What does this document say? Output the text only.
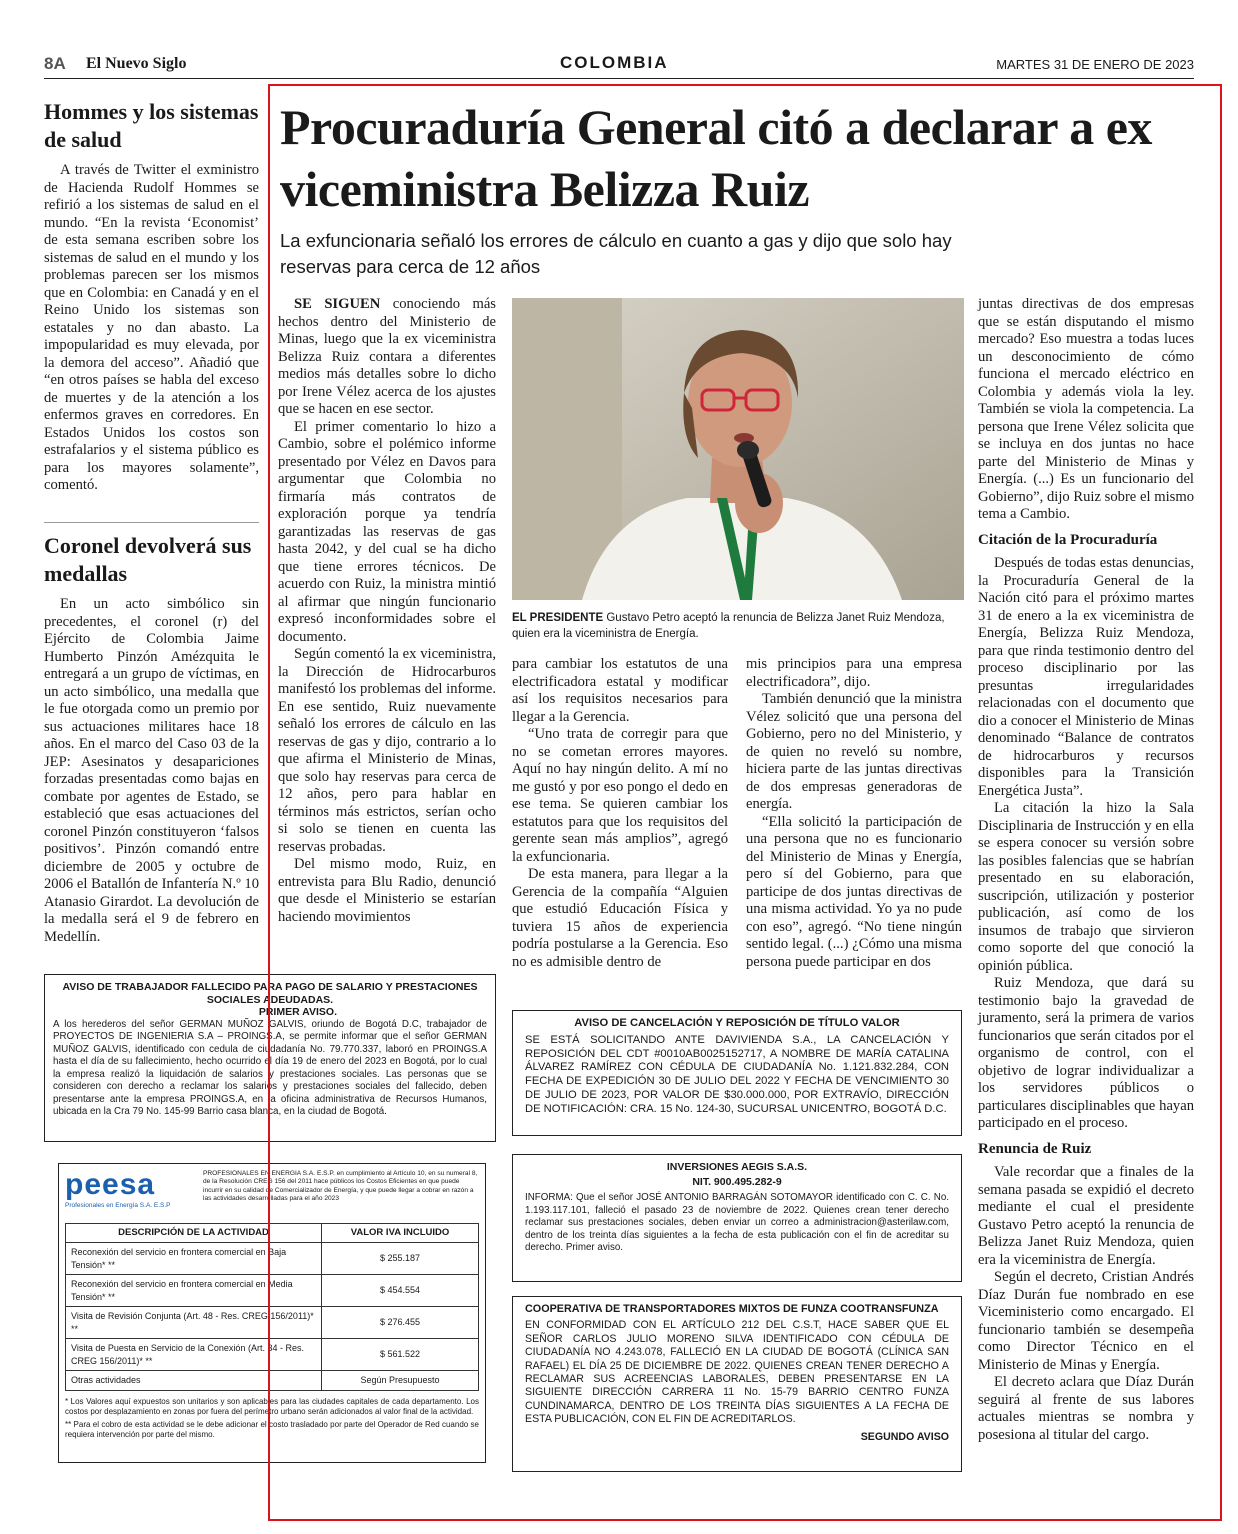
8A El Nuevo Siglo	COLOMBIA	MARTES 31 DE ENERO DE 2023
Hommes y los sistemas de salud

A través de Twitter el exministro de Hacienda Rudolf Hommes se refirió a los sistemas de salud en el mundo. “En la revista ‘Economist’ de esta semana escriben sobre los sistemas de salud en el mundo y los problemas parecen ser los mismos que en Colombia: en Canadá y en el Reino Unido los sistemas son estatales y no dan abasto. La impopularidad es muy elevada, por la demora del acceso”. Añadió que “en otros países se habla del exceso de muertes y de la atención a los enfermos graves en corredores. En Estados Unidos los costos son estrafalarios y el sistema público es para los mayores solamente”, comentó.

Coronel devolverá sus medallas

En un acto simbólico sin precedentes, el coronel (r) del Ejército de Colombia Jaime Humberto Pinzón Amézquita le entregará a un grupo de víctimas, en un acto simbólico, una medalla que le fue otorgada como un premio por sus actuaciones militares hace 18 años. En el marco del Caso 03 de la JEP: Asesinatos y desapariciones forzadas presentadas como bajas en combate por agentes de Estado, se estableció que esas actuaciones del coronel Pinzón constituyeron ‘falsos positivos’. Pinzón comandó entre diciembre de 2005 y octubre de 2006 el Batallón de Infantería N.º 10 Atanasio Girardot. La devolución de la medalla será el 9 de febrero en Medellín.

Procuraduría General citó a declarar a ex viceministra Belizza Ruiz
La exfuncionaria señaló los errores de cálculo en cuanto a gas y dijo que solo hay reservas para cerca de 12 años

SE SIGUEN conociendo más hechos dentro del Ministerio de Minas, luego que la ex viceministra Belizza Ruiz contara a diferentes medios más detalles sobre lo dicho por Irene Vélez acerca de los ajustes que se hacen en ese sector.

El primer comentario lo hizo a Cambio, sobre el polémico informe presentado por Vélez en Davos para argumentar que Colombia no firmaría más contratos de exploración porque ya tendría garantizadas las reservas de gas hasta 2042, y del cual se ha dicho que tiene errores técnicos. De acuerdo con Ruiz, la ministra mintió al afirmar que ningún funcionario expresó inconformidades sobre el documento.

Según comentó la ex viceministra, la Dirección de Hidrocarburos manifestó los problemas del informe. En ese sentido, Ruiz nuevamente señaló los errores de cálculo en las reservas de gas y dijo, contrario a lo que afirma el Ministerio de Minas, que solo hay reservas para cerca de 12 años, pero para hablar en términos más estrictos, serían ocho si solo se tienen en cuenta las reservas probadas.

Del mismo modo, Ruiz, en entrevista para Blu Radio, denunció que desde el Ministerio se estarían haciendo movimientos

EL PRESIDENTE Gustavo Petro aceptó la renuncia de Belizza Janet Ruiz Mendoza, quien era la viceministra de Energía.

para cambiar los estatutos de una electrificadora estatal y modificar así los requisitos necesarios para llegar a la Gerencia.

“Uno trata de corregir para que no se cometan errores mayores. Aquí no hay ningún delito. A mí no me gustó y por eso pongo el dedo en ese tema. Se quieren cambiar los estatutos para que los requisitos del gerente sean más amplios”, agregó la exfuncionaria.

De esta manera, para llegar a la Gerencia de la compañía “Alguien que estudió Educación Física y tuviera 15 años de experiencia podría postularse a la Gerencia. Eso no es admisible dentro de

mis principios para una empresa electrificadora”, dijo.

También denunció que la ministra Vélez solicitó que una persona del Gobierno, pero no del Ministerio, y de quien no reveló su nombre, hiciera parte de las juntas directivas de dos empresas generadoras de energía.

“Ella solicitó la participación de una persona que no es funcionario del Ministerio de Minas y Energía, pero sí del Gobierno, para que participe de dos juntas directivas de una misma actividad. Yo ya no pude con eso”, agregó. “No tiene ningún sentido legal. (...) ¿Cómo una misma persona puede participar en dos

juntas directivas de dos empresas que se están disputando el mismo mercado? Eso muestra a todas luces un desconocimiento de cómo funciona el mercado eléctrico en Colombia y además viola la ley. También se viola la competencia. La persona que Irene Vélez solicita que se incluya en dos juntas no hace parte del Ministerio de Minas y Energía. (...) Es un funcionario del Gobierno”, dijo Ruiz sobre el mismo tema a Cambio.

Citación de la Procuraduría

Después de todas estas denuncias, la Procuraduría General de la Nación citó para el próximo martes 31 de enero a la ex viceministra de Energía, Belizza Ruiz Mendoza, para que rinda testimonio dentro del proceso disciplinario por las presuntas irregularidades relacionadas con el documento que dio a conocer el Ministerio de Minas denominado “Balance de contratos de hidrocarburos y recursos disponibles para la Transición Energética Justa”.

La citación la hizo la Sala Disciplinaria de Instrucción y en ella se espera conocer su versión sobre las posibles falencias que se habrían presentado en su elaboración, suscripción, utilización y posterior publicación, así como de los insumos de trabajo que sirvieron como soporte del que conoció la opinión pública.

Ruiz Mendoza, que dará su testimonio bajo la gravedad de juramento, será la primera de varios funcionarios que serán citados por el organismo de control, con el objetivo de lograr individualizar a los servidores públicos o particulares disciplinables que hayan participado en el proceso.

Renuncia de Ruiz

Vale recordar que a finales de la semana pasada se expidió el decreto mediante el cual el presidente Gustavo Petro aceptó la renuncia de Belizza Janet Ruiz Mendoza, quien era la viceministra de Energía.

Según el decreto, Cristian Andrés Díaz Durán fue nombrado en ese Viceministerio como encargado. El funcionario también se desempeña como Director Técnico en el Ministerio de Minas y Energía.

El decreto aclara que Díaz Durán seguirá al frente de sus labores actuales mientras se nombra y posesiona al titular del cargo.

AVISO DE TRABAJADOR FALLECIDO PARA PAGO DE SALARIO Y PRESTACIONES SOCIALES ADEUDADAS.
PRIMER AVISO.
A los herederos del señor GERMAN MUÑOZ GALVIS, oriundo de Bogotá D.C, trabajador de PROYECTOS DE INGENIERIA S.A – PROINGS.A, se permite informar que el señor GERMAN MUÑOZ GALVIS, identificado con cedula de ciudadanía No. 79.770.337, laboró en PROINGS.A hasta el día de su fallecimiento, hecho ocurrido el día 19 de enero del 2023 en Bogotá, por lo cual la empresa realizó la liquidación de salarios y prestaciones sociales. Las personas que se consideren con derecho a reclamar los salarios y prestaciones sociales del fallecido, deben presentarse ante la empresa PROINGS.A, en la oficina administrativa de Recursos Humanos, ubicada en la Cra 79 No. 145-99 Barrio casa blanca, en la ciudad de Bogotá.
peesa
Profesionales en Energía S.A. E.S.P
PROFESIONALES EN ENERGIA S.A. E.S.P. en cumplimiento al Artículo 10, en su numeral 8, de la Resolución CREG 156 del 2011 hace públicos los Costos Eficientes en que puede incurrir en su calidad de Comercializador de Energía, y que puede llegar a cobrar en razón a las actividades desarrolladas para el año 2023
DESCRIPCIÓN DE LA ACTIVIDAD	VALOR IVA INCLUIDO
Reconexión del servicio en frontera comercial en Baja Tensión* **	$ 255.187
Reconexión del servicio en frontera comercial en Media Tensión* **	$ 454.554
Visita de Revisión Conjunta (Art. 48 - Res. CREG 156/2011)* **	$ 276.455
Visita de Puesta en Servicio de la Conexión (Art. 34 - Res. CREG 156/2011)* **	$ 561.522
Otras actividades	Según Presupuesto
* Los Valores aquí expuestos son unitarios y son aplicables para las ciudades capitales de cada departamento. Los costos por desplazamiento en zonas por fuera del perímetro urbano serán adicionados al valor final de la actividad.
** Para el cobro de esta actividad se le debe adicionar el costo trasladado por parte del Operador de Red cuando se requiera intervención por parte del mismo.
AVISO DE CANCELACIÓN Y REPOSICIÓN DE TÍTULO VALOR
SE ESTÁ SOLICITANDO ANTE DAVIVIENDA S.A., LA CANCELACIÓN Y REPOSICIÓN DEL CDT #0010AB0025152717, A NOMBRE DE MARÍA CATALINA ÁLVAREZ RAMÍREZ CON CÉDULA DE CIUDADANÍA No. 1.121.832.284, CON FECHA DE EXPEDICIÓN 30 DE JULIO DEL 2022 Y FECHA DE VENCIMIENTO 30 DE JULIO DE 2023, POR VALOR DE $30.000.000, POR EXTRAVÍO, DIRECCIÓN DE NOTIFICACIÓN: CRA. 15 No. 124-30, SUCURSAL UNICENTRO, BOGOTÁ D.C.
INVERSIONES AEGIS S.A.S.
NIT. 900.495.282-9
INFORMA: Que el señor JOSÉ ANTONIO BARRAGÁN SOTOMAYOR identificado con C. C. No. 1.193.117.101, falleció el pasado 23 de noviembre de 2022. Quienes crean tener derecho reclamar sus prestaciones sociales, deben enviar un correo a administracion@asterilaw.com, dentro de los treinta días siguientes a la fecha de esta publicación con el fin de acreditar su derecho. Primer aviso.
COOPERATIVA DE TRANSPORTADORES MIXTOS DE FUNZA COOTRANSFUNZA
EN CONFORMIDAD CON EL ARTÍCULO 212 DEL C.S.T, HACE SABER QUE EL SEÑOR CARLOS JULIO MORENO SILVA IDENTIFICADO CON CÉDULA DE CIUDADANÍA NO 4.243.078, FALLECIÓ EN LA CIUDAD DE BOGOTÁ (CLÍNICA SAN RAFAEL) EL DÍA 25 DE DICIEMBRE DE 2022. QUIENES CREAN TENER DERECHO A RECLAMAR SUS ACREENCIAS LABORALES, DEBEN PRESENTARSE EN LA SIGUIENTE DIRECCIÓN CARRERA 11 No. 15-79 BARRIO CENTRO FUNZA CUNDINAMARCA, DENTRO DE LOS TREINTA DÍAS SIGUIENTES A LA FECHA DE ESTA PUBLICACIÓN, CON EL FIN DE ACREDITARLOS.
SEGUNDO AVISO
